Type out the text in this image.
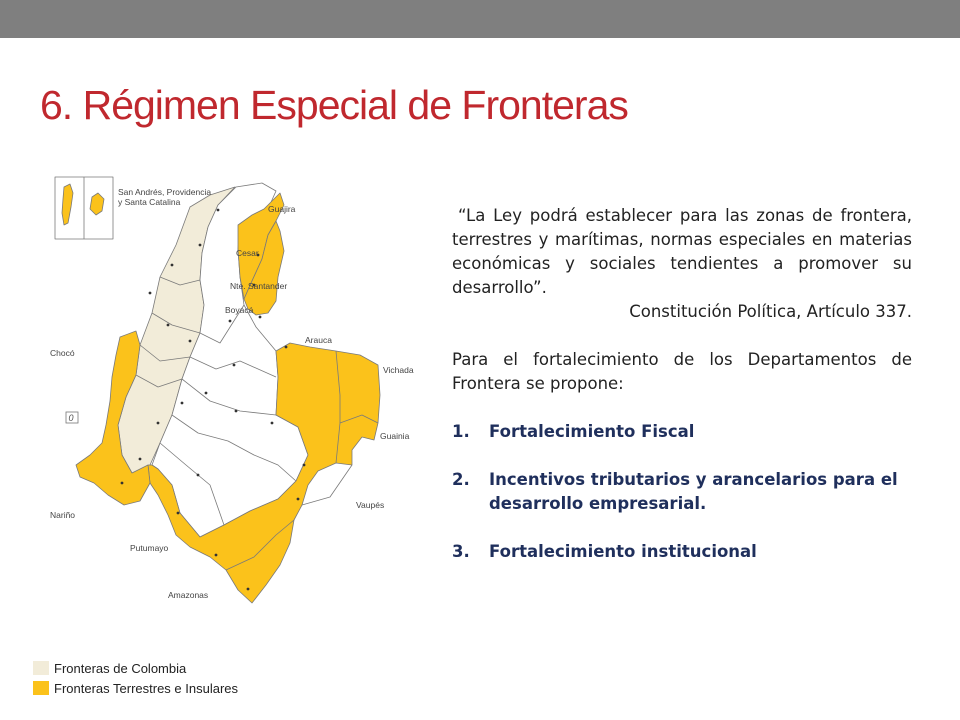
6. Régimen Especial de Fronteras
0
San Andrés, Providencia
y Santa Catalina
Guajira
Cesar
Nte. Santander
Boyacá
Arauca
Vichada
Chocó
Guainia
Vaupés
Nariño
Putumayo
Amazonas
Fronteras de Colombia
Fronteras Terrestres e Insulares

“La Ley podrá establecer para las zonas de frontera, terrestres y marítimas, normas especiales en materias económicas y sociales tendientes a promover su desarrollo”.

Constitución Política, Artículo 337.

Para el fortalecimiento de los Departamentos de Frontera se propone:

1.	Fortalecimiento Fiscal
2.	Incentivos tributarios y arancelarios para el desarrollo empresarial.
3.	Fortalecimiento institucional
